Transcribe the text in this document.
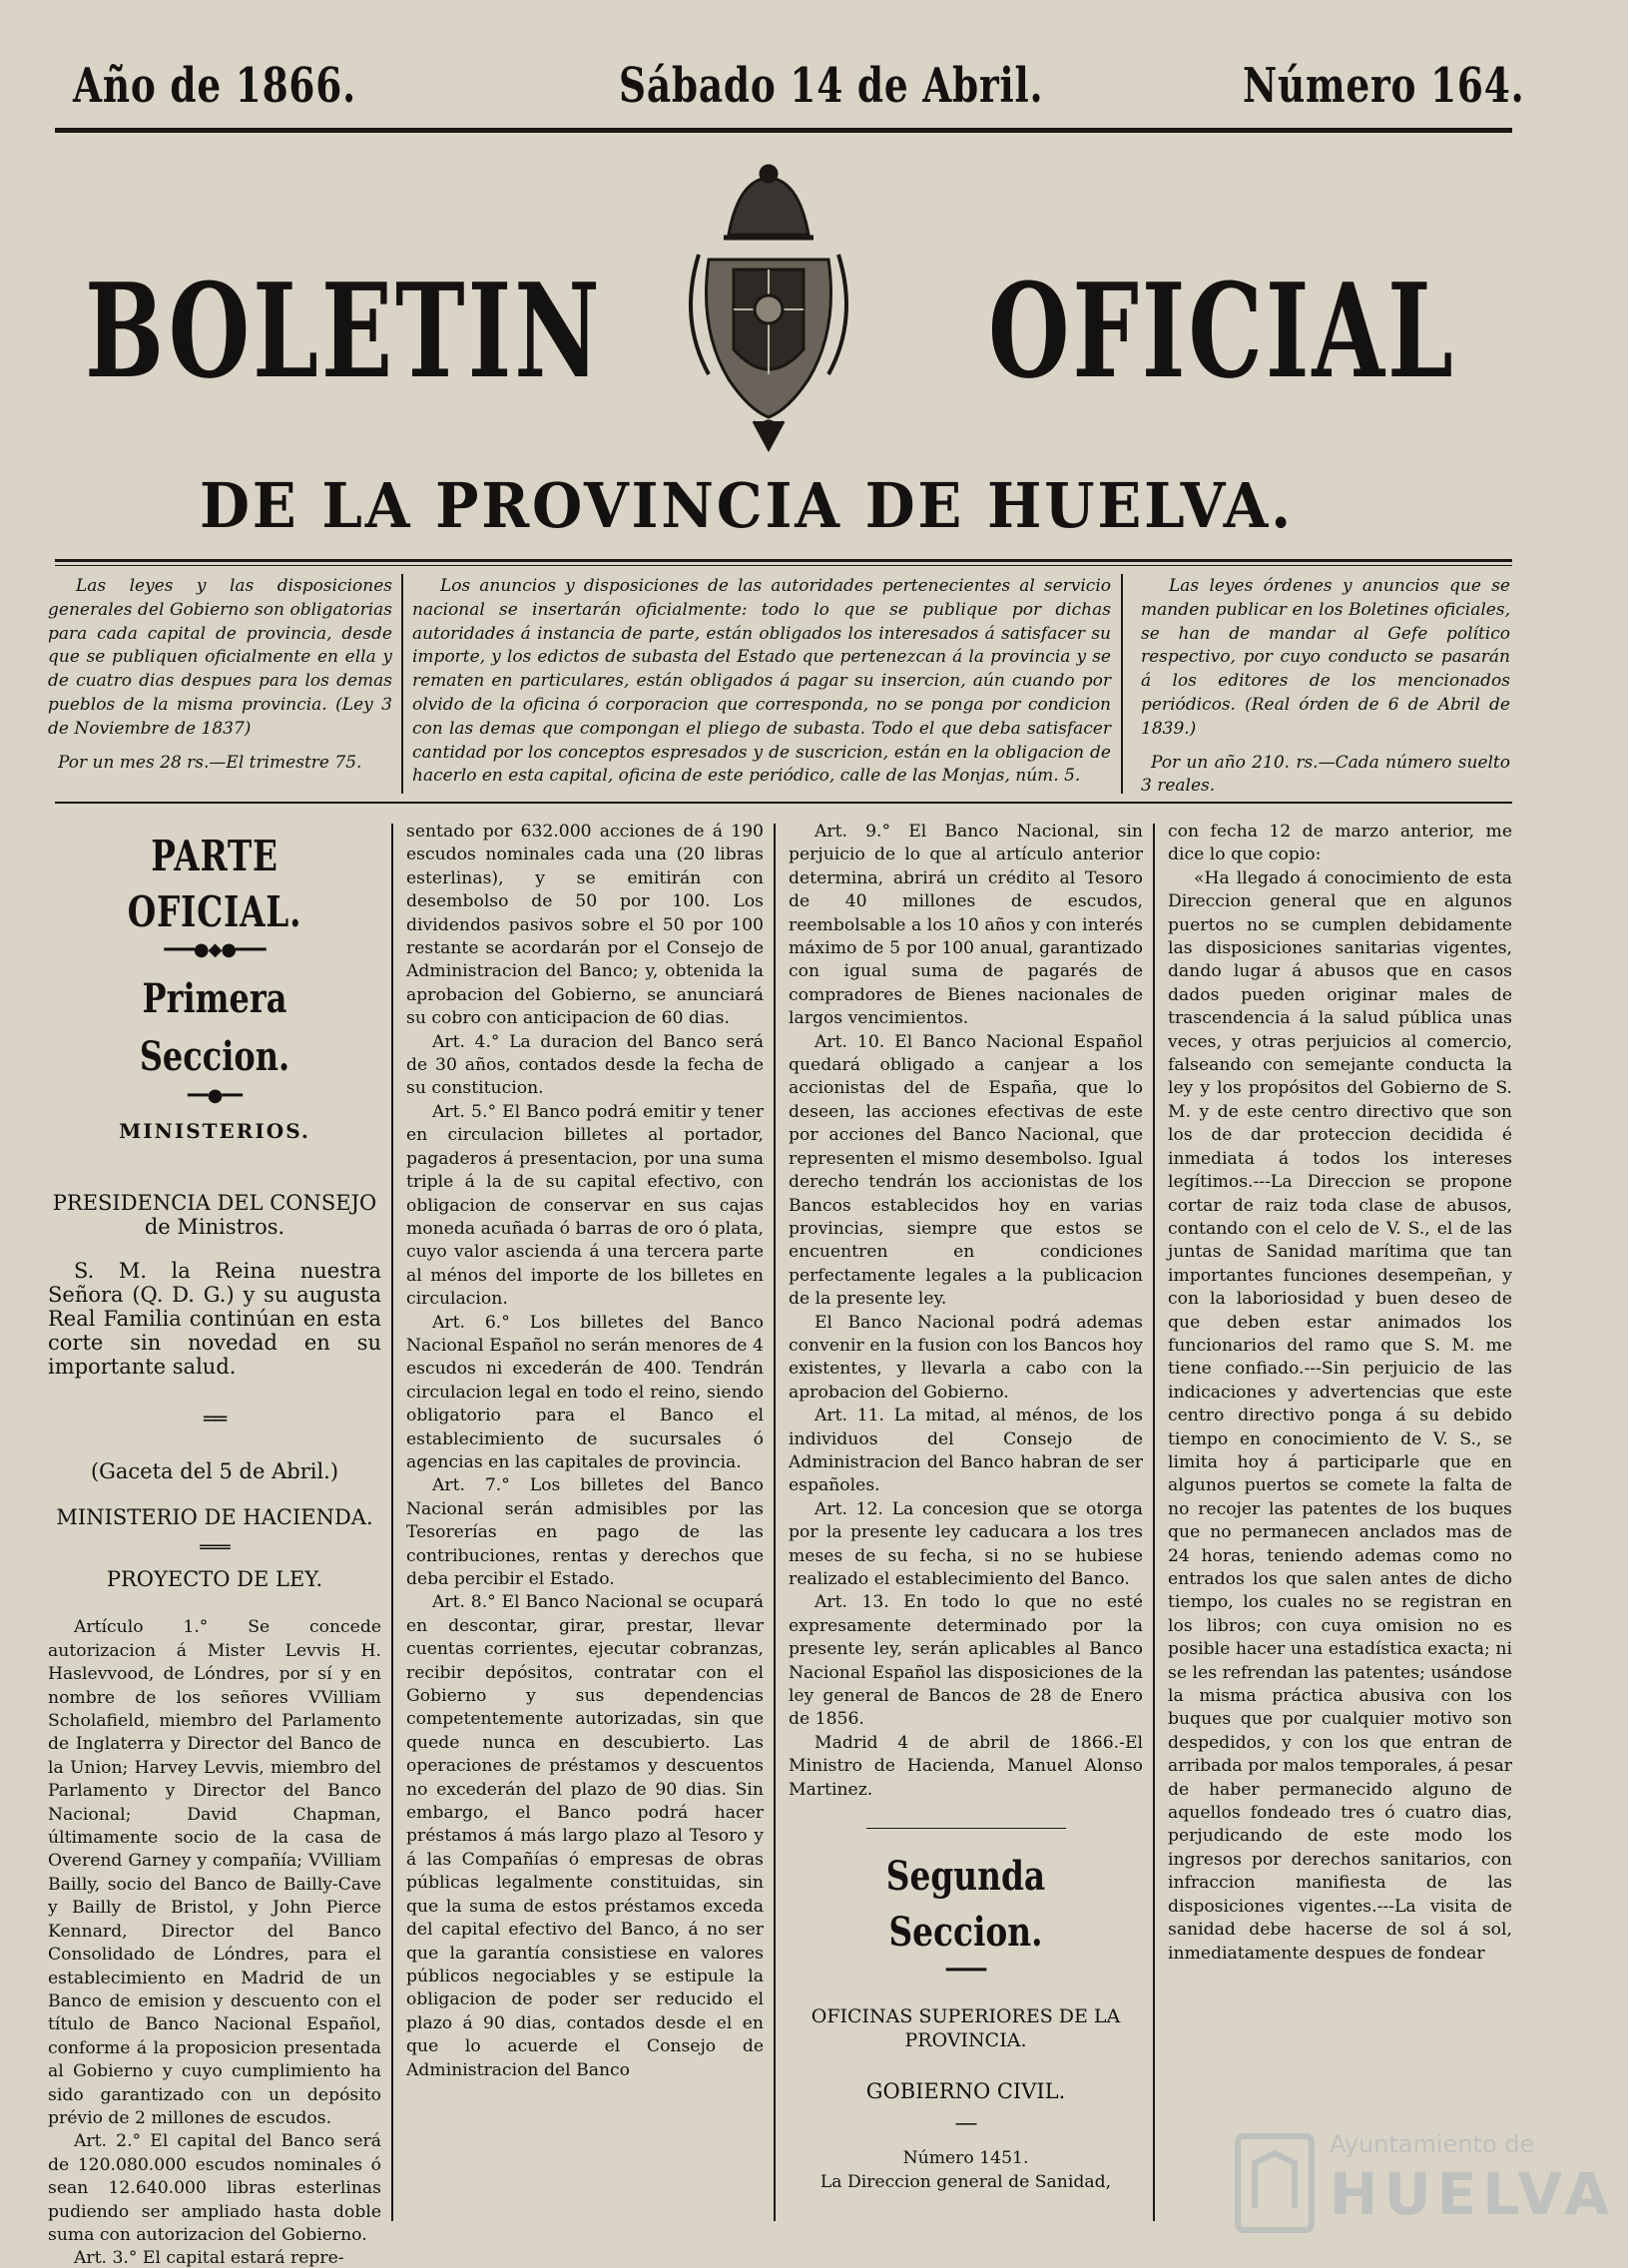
Año de 1866.	Sábado 14 de Abril.	Número 164.
BOLETIN	OFICIAL
DE LA PROVINCIA DE HUELVA.

Las leyes y las disposiciones generales del Gobierno son obligatorias para cada capital de provincia, desde que se publiquen oficialmente en ella y de cuatro dias despues para los demas pueblos de la misma provincia. (Ley 3 de Noviembre de 1837)

Por un mes 28 rs.—El trimestre 75.

Los anuncios y disposiciones de las autoridades pertenecientes al servicio nacional se insertarán oficialmente: todo lo que se publique por dichas autoridades á instancia de parte, están obligados los interesados á satisfacer su importe, y los edictos de subasta del Estado que pertenezcan á la provincia y se rematen en particulares, están obligados á pagar su insercion, aún cuando por olvido de la oficina ó corporacion que corresponda, no se ponga por condicion con las demas que compongan el pliego de subasta. Todo el que deba satisfacer cantidad por los conceptos espresados y de suscricion, están en la obligacion de hacerlo en esta capital, oficina de este periódico, calle de las Monjas, núm. 5.

Las leyes órdenes y anuncios que se manden publicar en los Boletines oficiales, se han de mandar al Gefe político respectivo, por cuyo conducto se pasarán á los editores de los mencionados periódicos. (Real órden de 6 de Abril de 1839.)

Por un año 210. rs.—Cada número suelto 3 reales.

PARTE OFICIAL.

━━━●◆●━━━

Primera Seccion.

━━●━━

MINISTERIOS.

PRESIDENCIA DEL CONSEJO de Ministros.

S. M. la Reina nuestra Señora (Q. D. G.) y su augusta Real Familia continúan en esta corte sin novedad en su importante salud.

══

(Gaceta del 5 de Abril.)

MINISTERIO DE HACIENDA.

═══

PROYECTO DE LEY.

Artículo 1.° Se concede autorizacion á Mister Levvis H. Haslevvood, de Lóndres, por sí y en nombre de los señores VVilliam Scholafield, miembro del Parlamento de Inglaterra y Director del Banco de la Union; Harvey Levvis, miembro del Parlamento y Director del Banco Nacional; David Chapman, últimamente socio de la casa de Overend Garney y compañía; VVilliam Bailly, socio del Banco de Bailly-Cave y Bailly de Bristol, y John Pierce Kennard, Director del Banco Consolidado de Lóndres, para el establecimiento en Madrid de un Banco de emision y descuento con el título de Banco Nacional Español, conforme á la proposicion presentada al Gobierno y cuyo cumplimiento ha sido garantizado con un depósito prévio de 2 millones de escudos.

Art. 2.° El capital del Banco será de 120.080.000 escudos nominales ó sean 12.640.000 libras esterlinas pudiendo ser ampliado hasta doble suma con autorizacion del Gobierno.

Art. 3.° El capital estará repre-

sentado por 632.000 acciones de á 190 escudos nominales cada una (20 libras esterlinas), y se emitirán con desembolso de 50 por 100. Los dividendos pasivos sobre el 50 por 100 restante se acordarán por el Consejo de Administracion del Banco; y, obtenida la aprobacion del Gobierno, se anunciará su cobro con anticipacion de 60 dias.

Art. 4.° La duracion del Banco será de 30 años, contados desde la fecha de su constitucion.

Art. 5.° El Banco podrá emitir y tener en circulacion billetes al portador, pagaderos á presentacion, por una suma triple á la de su capital efectivo, con obligacion de conservar en sus cajas moneda acuñada ó barras de oro ó plata, cuyo valor ascienda á una tercera parte al ménos del importe de los billetes en circulacion.

Art. 6.° Los billetes del Banco Nacional Español no serán menores de 4 escudos ni excederán de 400. Tendrán circulacion legal en todo el reino, siendo obligatorio para el Banco el establecimiento de sucursales ó agencias en las capitales de provincia.

Art. 7.° Los billetes del Banco Nacional serán admisibles por las Tesorerías en pago de las contribuciones, rentas y derechos que deba percibir el Estado.

Art. 8.° El Banco Nacional se ocupará en descontar, girar, prestar, llevar cuentas corrientes, ejecutar cobranzas, recibir depósitos, contratar con el Gobierno y sus dependencias competentemente autorizadas, sin que quede nunca en descubierto. Las operaciones de préstamos y descuentos no excederán del plazo de 90 dias. Sin embargo, el Banco podrá hacer préstamos á más largo plazo al Tesoro y á las Compañías ó empresas de obras públicas legalmente constituidas, sin que la suma de estos préstamos exceda del capital efectivo del Banco, á no ser que la garantía consistiese en valores públicos negociables y se estipule la obligacion de poder ser reducido el plazo á 90 dias, contados desde el en que lo acuerde el Consejo de Administracion del Banco

Art. 9.° El Banco Nacional, sin perjuicio de lo que al artículo anterior determina, abrirá un crédito al Tesoro de 40 millones de escudos, reembolsable a los 10 años y con interés máximo de 5 por 100 anual, garantizado con igual suma de pagarés de compradores de Bienes nacionales de largos vencimientos.

Art. 10. El Banco Nacional Español quedará obligado a canjear a los accionistas del de España, que lo deseen, las acciones efectivas de este por acciones del Banco Nacional, que representen el mismo desembolso. Igual derecho tendrán los accionistas de los Bancos establecidos hoy en varias provincias, siempre que estos se encuentren en condiciones perfectamente legales a la publicacion de la presente ley.

El Banco Nacional podrá ademas convenir en la fusion con los Bancos hoy existentes, y llevarla a cabo con la aprobacion del Gobierno.

Art. 11. La mitad, al ménos, de los individuos del Consejo de Administracion del Banco habran de ser españoles.

Art. 12. La concesion que se otorga por la presente ley caducara a los tres meses de su fecha, si no se hubiese realizado el establecimiento del Banco.

Art. 13. En todo lo que no esté expresamente determinado por la presente ley, serán aplicables al Banco Nacional Español las disposiciones de la ley general de Bancos de 28 de Enero de 1856.

Madrid 4 de abril de 1866.-El Ministro de Hacienda, Manuel Alonso Martinez.

Segunda Seccion.

━━━━

OFICINAS SUPERIORES DE LA PROVINCIA.

GOBIERNO CIVIL.

──

Número 1451.

La Direccion general de Sanidad,

con fecha 12 de marzo anterior, me dice lo que copio:

«Ha llegado á conocimiento de esta Direccion general que en algunos puertos no se cumplen debidamente las disposiciones sanitarias vigentes, dando lugar á abusos que en casos dados pueden originar males de trascendencia á la salud pública unas veces, y otras perjuicios al comercio, falseando con semejante conducta la ley y los propósitos del Gobierno de S. M. y de este centro directivo que son los de dar proteccion decidida é inmediata á todos los intereses legítimos.---La Direccion se propone cortar de raiz toda clase de abusos, contando con el celo de V. S., el de las juntas de Sanidad marítima que tan importantes funciones desempeñan, y con la laboriosidad y buen deseo de que deben estar animados los funcionarios del ramo que S. M. me tiene confiado.---Sin perjuicio de las indicaciones y advertencias que este centro directivo ponga á su debido tiempo en conocimiento de V. S., se limita hoy á participarle que en algunos puertos se comete la falta de no recojer las patentes de los buques que no permanecen anclados mas de 24 horas, teniendo ademas como no entrados los que salen antes de dicho tiempo, los cuales no se registran en los libros; con cuya omision no es posible hacer una estadística exacta; ni se les refrendan las patentes; usándose la misma práctica abusiva con los buques que por cualquier motivo son despedidos, y con los que entran de arribada por malos temporales, á pesar de haber permanecido alguno de aquellos fondeado tres ó cuatro dias, perjudicando de este modo los ingresos por derechos sanitarios, con infraccion manifiesta de las disposiciones vigentes.---La visita de sanidad debe hacerse de sol á sol, inmediatamente despues de fondear

Ayuntamiento de
HUELVA
